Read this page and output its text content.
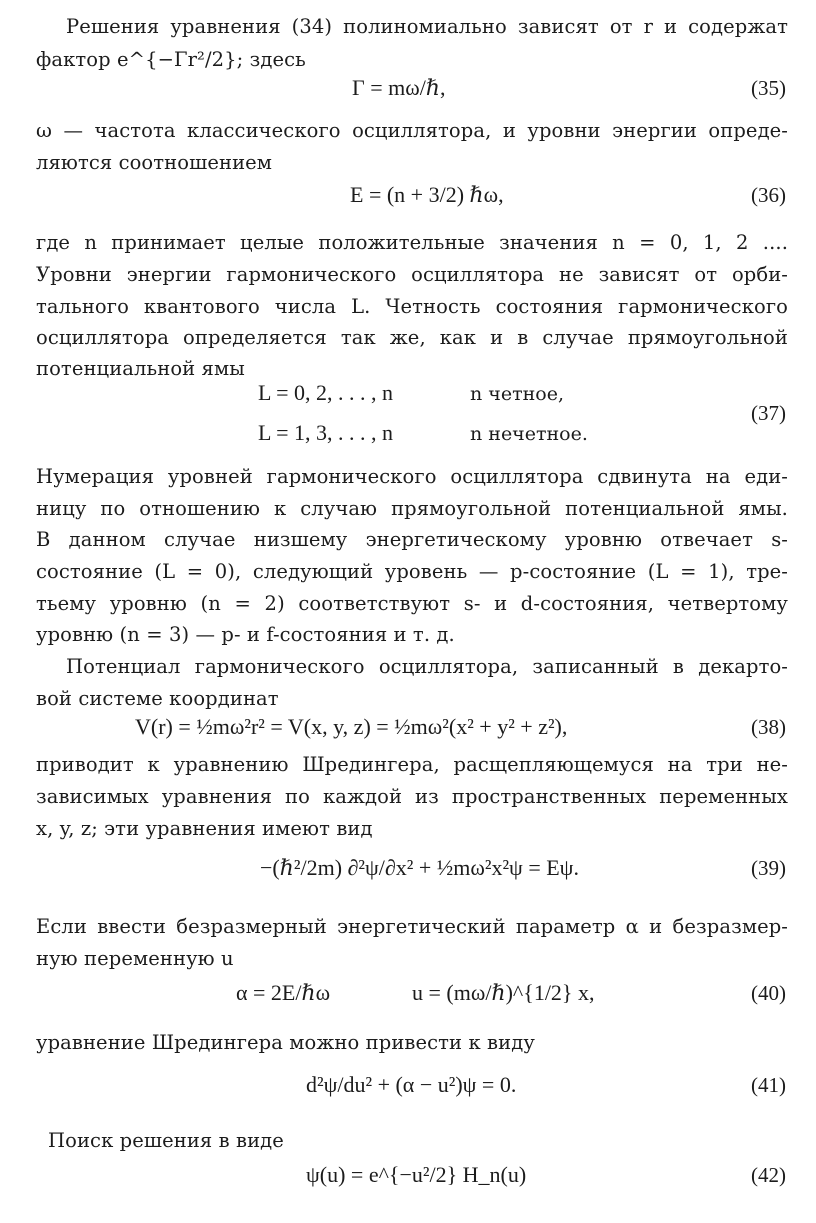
Решения уравнения (34) полиномиально зависят от r и содержат

фактор e^{−Γr²/2}; здесь

Γ = mω/ℏ,	(35)

ω — частота классического осциллятора, и уровни энергии опреде-

ляются соотношением

E = (n + 3/2) ℏω,	(36)

где n принимает целые положительные значения n = 0, 1, 2 ....

Уровни энергии гармонического осциллятора не зависят от орби-

тального квантового числа L. Четность состояния гармонического

осциллятора определяется так же, как и в случае прямоугольной

потенциальной ямы

L = 0, 2, . . . , n	n четное,
L = 1, 3, . . . , n	n нечетное.
(37)

Нумерация уровней гармонического осциллятора сдвинута на еди-

ницу по отношению к случаю прямоугольной потенциальной ямы.

В данном случае низшему энергетическому уровню отвечает s-

состояние (L = 0), следующий уровень — p-состояние (L = 1), тре-

тьему уровню (n = 2) соответствуют s- и d-состояния, четвертому

уровню (n = 3) — p- и f-состояния и т. д.

Потенциал гармонического осциллятора, записанный в декарто-

вой системе координат

V(r) = ½mω²r² = V(x, y, z) = ½mω²(x² + y² + z²),	(38)

приводит к уравнению Шредингера, расщепляющемуся на три не-

зависимых уравнения по каждой из пространственных переменных

x, y, z; эти уравнения имеют вид

−(ℏ²/2m) ∂²ψ/∂x² + ½mω²x²ψ = Eψ.	(39)

Если ввести безразмерный энергетический параметр α и безразмер-

ную переменную u

α = 2E/ℏω	u = (mω/ℏ)^{1/2} x,	(40)

уравнение Шредингера можно привести к виду

d²ψ/du² + (α − u²)ψ = 0.	(41)

Поиск решения в виде

ψ(u) = e^{−u²/2} H_n(u)	(42)
